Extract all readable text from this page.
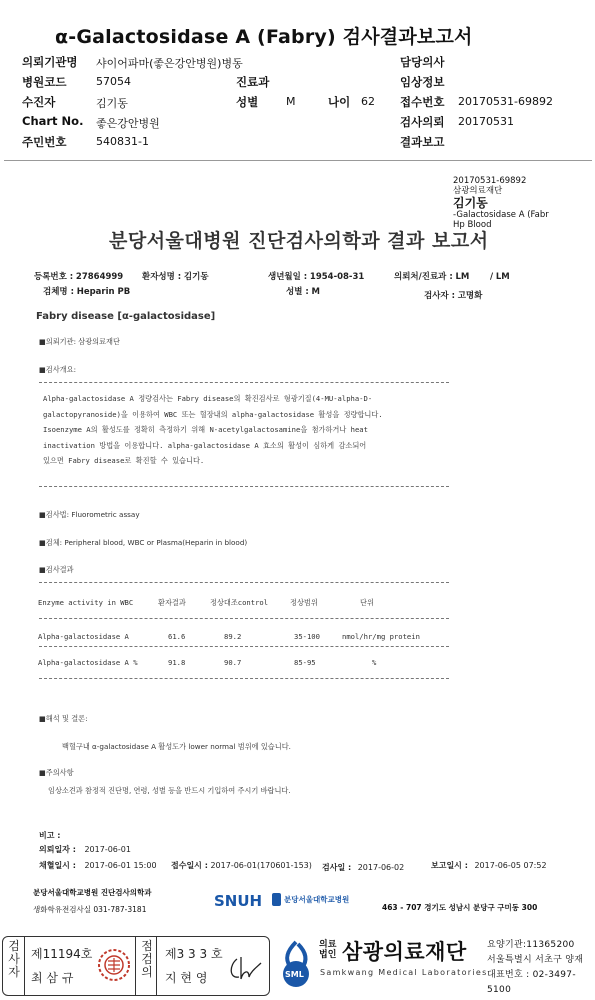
α-Galactosidase A (Fabry) 검사결과보고서
의뢰기관명 샤이어파마(좋은강안병원)병동	담당의사
병원코드	57054	진료과	임상정보
수진자	김기동	성별	M	나이 62 접수번호 20170531-69892
Chart No. 좋은강안병원	검사의뢰 20170531
주민번호	540831-1	결과보고
20170531-69892
삼광의료재단
김기동
-Galactosidase A (Fabr
Hp Blood
분당서울대병원 진단검사의학과 결과 보고서
등록번호 : 27864999 환자성명 : 김기동	생년월일 : 1954-08-31	의뢰처/진료과 : LM / LM
검체명 : Heparin PB	성별 : M	검사자 : 고명화
Fabry disease [α-galactosidase]
■의뢰기관: 삼광의료재단
■검사개요:
Alpha-galactosidase A 정량검사는 Fabry disease의 확진검사로 형광기질(4-MU-alpha-D-
galactopyranoside)을 이용하여 WBC 또는 혈장내의 alpha-galactosidase 활성을 정량합니다.
Isoenzyme A의 활성도를 정확히 측정하기 위해 N-acetylgalactosamine을 첨가하거나 heat
inactivation 방법을 이용합니다. alpha-galactosidase A 효소의 활성이 심하게 감소되어
있으면 Fabry disease로 확진할 수 있습니다.
■검사법: Fluorometric assay
■검체: Peripheral blood, WBC or Plasma(Heparin in blood)
■검사결과
Enzyme activity in WBC	환자결과	정상대조control	정상범위	단위
Alpha-galactosidase A	61.6	89.2	35-100	nmol/hr/mg protein
Alpha-galactosidase A %	91.8	90.7	85-95	%
■해석 및 결론:
백혈구내 α-galactosidase A 활성도가 lower normal 범위에 있습니다.
■주의사항
임상소견과 참정적 진단명, 연령, 성별 등을 반드시 기입하여 주시기 바랍니다.
비고 :
의뢰일자 : 2017-06-01
채혈일시 : 2017-06-01 15:00 접수일시 : 2017-06-01(170601-153) 검사일 : 2017-06-02	보고일시 : 2017-06-05 07:52
분당서울대학교병원 진단검사의학과
생화학유전검사실 031-787-3181	SNUH	분당서울대학교병원
463 - 707 경기도 성남시 분당구 구미동 300
검사자
제11194호
최 삼 규
점검의
제3 3 3 호
지 현 영	SML
의료
법인 삼광의료재단
Samkwang Medical Laboratories
요양기관:11365200
서울특별시 서초구 양재
대표번호 : 02-3497-5100
